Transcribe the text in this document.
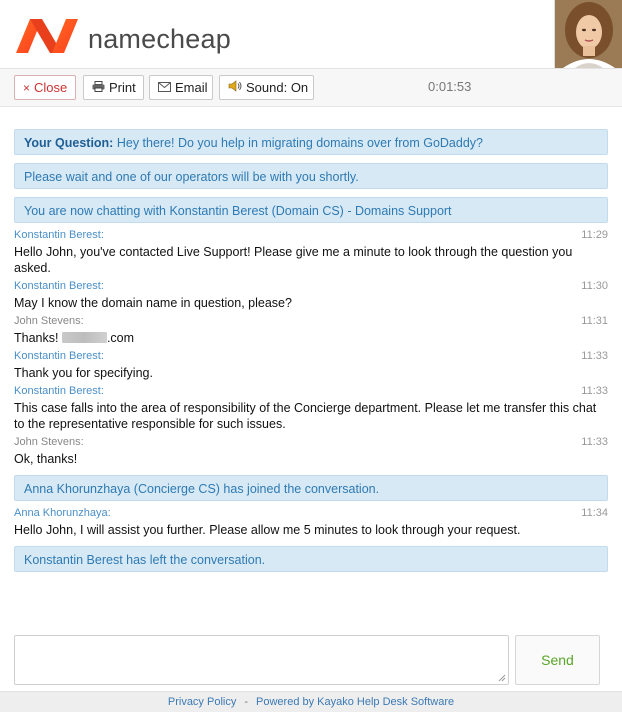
namecheap
× Close	Print	Email	Sound: On	0:01:53
Your Question: Hey there! Do you help in migrating domains over from GoDaddy?
Please wait and one of our operators will be with you shortly.
You are now chatting with Konstantin Berest (Domain CS) - Domains Support
Konstantin Berest:	11:29
Hello John, you've contacted Live Support! Please give me a minute to look through the question you asked.
Konstantin Berest:	11:30
May I know the domain name in question, please?
John Stevens:	11:31
Thanks!	.com
Konstantin Berest:	11:33
Thank you for specifying.
Konstantin Berest:	11:33
This case falls into the area of responsibility of the Concierge department. Please let me transfer this chat to the representative responsible for such issues.
John Stevens:	11:33
Ok, thanks!
Anna Khorunzhaya (Concierge CS) has joined the conversation.
Anna Khorunzhaya:	11:34
Hello John, I will assist you further. Please allow me 5 minutes to look through your request.
Konstantin Berest has left the conversation.
Send
Privacy Policy - Powered by Kayako Help Desk Software
